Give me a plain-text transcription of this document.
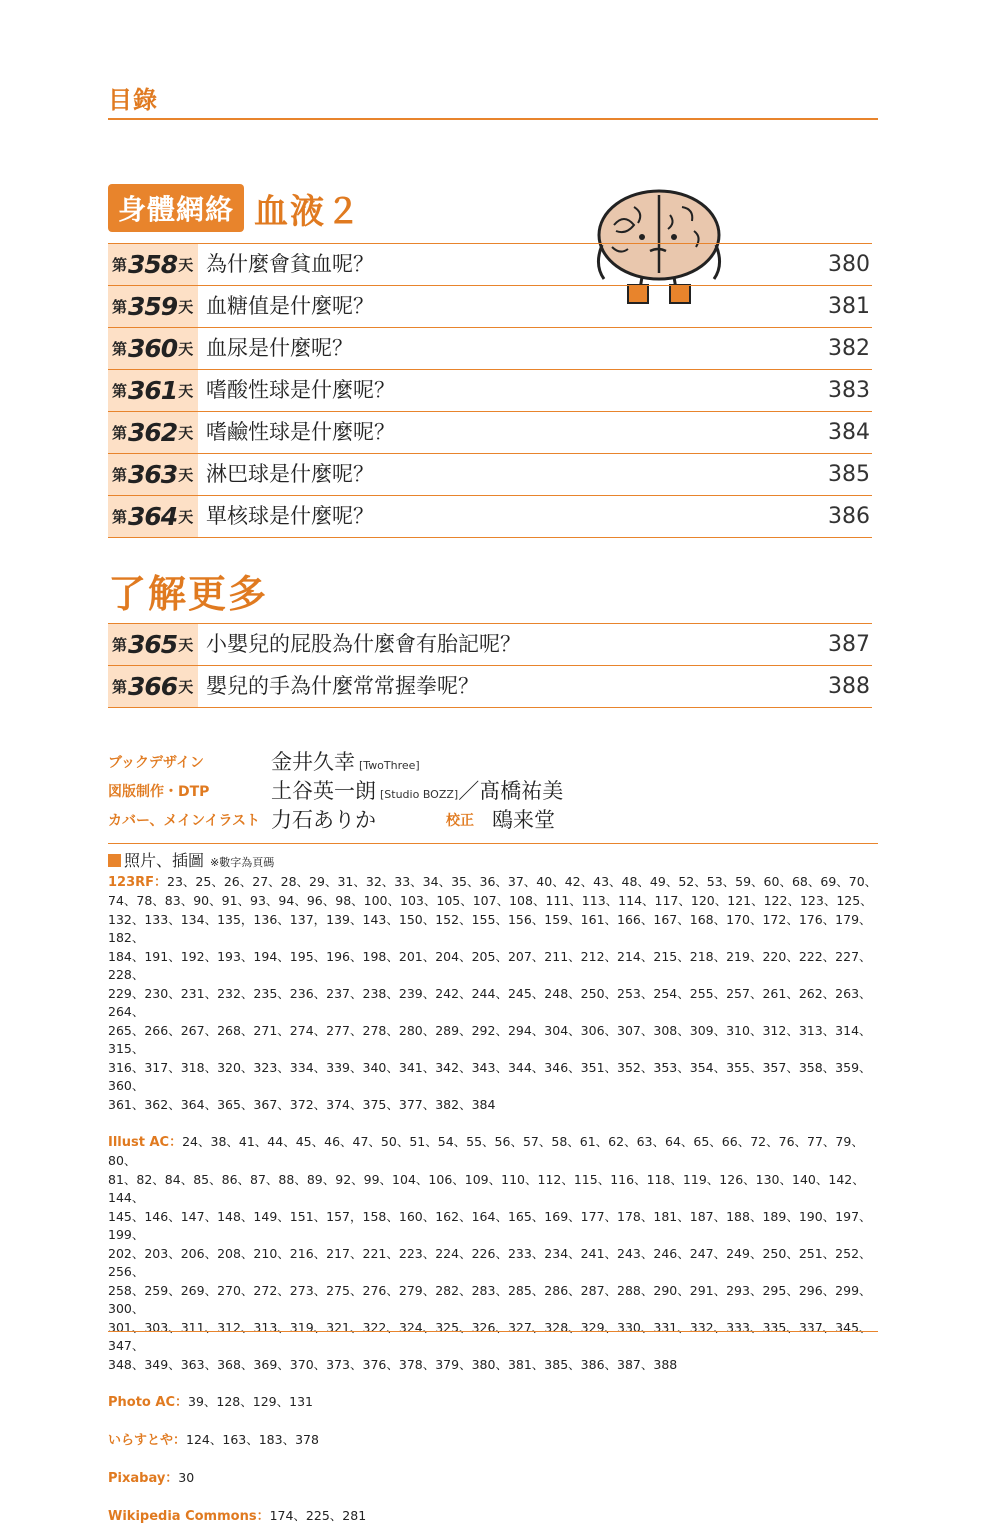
目錄
身體網絡 血液２
第 358 天 為什麼會貧血呢？	380
第 359 天 血糖值是什麼呢？	381
第 360 天 血尿是什麼呢？	382
第 361 天 嗜酸性球是什麼呢？	383
第 362 天 嗜鹼性球是什麼呢？	384
第 363 天 淋巴球是什麼呢？	385
第 364 天 單核球是什麼呢？	386
了解更多
第 365 天 小嬰兒的屁股為什麼會有胎記呢？	387
第 366 天 嬰兒的手為什麼常常握拳呢？	388
ブックデザイン	金井久幸 [TwoThree]
図版制作・DTP	土谷英一朗 [Studio BOZZ]／髙橋祐美
カバー、メインイラスト 力石ありか	校正 鴎来堂
照片、插圖 ※數字為頁碼
123RF：23、25、26、27、28、29、31、32、33、34、35、36、37、40、42、43、48、49、52、53、59、60、68、69、70、
74、78、83、90、91、93、94、96、98、100、103、105、107、108、111、113、114、117、120、121、122、123、125、
132、133、134、135，136、137，139、143、150、152、155、156、159、161、166、167、168、170、172、176、179、182、
184、191、192、193、194、195、196、198、201、204、205、207、211、212、214、215、218、219、220、222、227、228、
229、230、231、232、235、236、237、238、239、242、244、245、248、250、253、254、255、257、261、262、263、264、
265、266、267、268、271、274、277、278、280、289、292、294、304、306、307、308、309、310、312、313、314、315、
316、317、318、320、323、334、339、340、341、342、343、344、346、351、352、353、354、355、357、358、359、360、
361、362、364、365、367、372、374、375、377、382、384
Illust AC：24、38、41、44、45、46、47、50、51、54、55、56、57、58、61、62、63、64、65、66、72、76、77、79、80、
81、82、84、85、86、87、88、89、92、99、104、106、109、110、112、115、116、118、119、126、130、140、142、144、
145、146、147、148、149、151、157，158、160、162、164、165、169、177、178、181、187、188、189、190、197、199、
202、203、206、208、210、216、217、221、223、224、226、233、234、241、243、246、247、249、250、251、252、256、
258、259、269、270、272、273、275、276、279、282、283、285、286、287、288、290、291、293、295、296、299、300、
301、303、311、312、313、319、321、322、324、325、326、327、328、329、330、331、332、333、335、337、345、347、
348、349、363、368、369、370、373、376、378、379、380、381、385、386、387、388
Photo AC：39、128、129、131
いらすとや：124、163、183、378
Pixabay：30
Wikipedia Commons：174、225、281
